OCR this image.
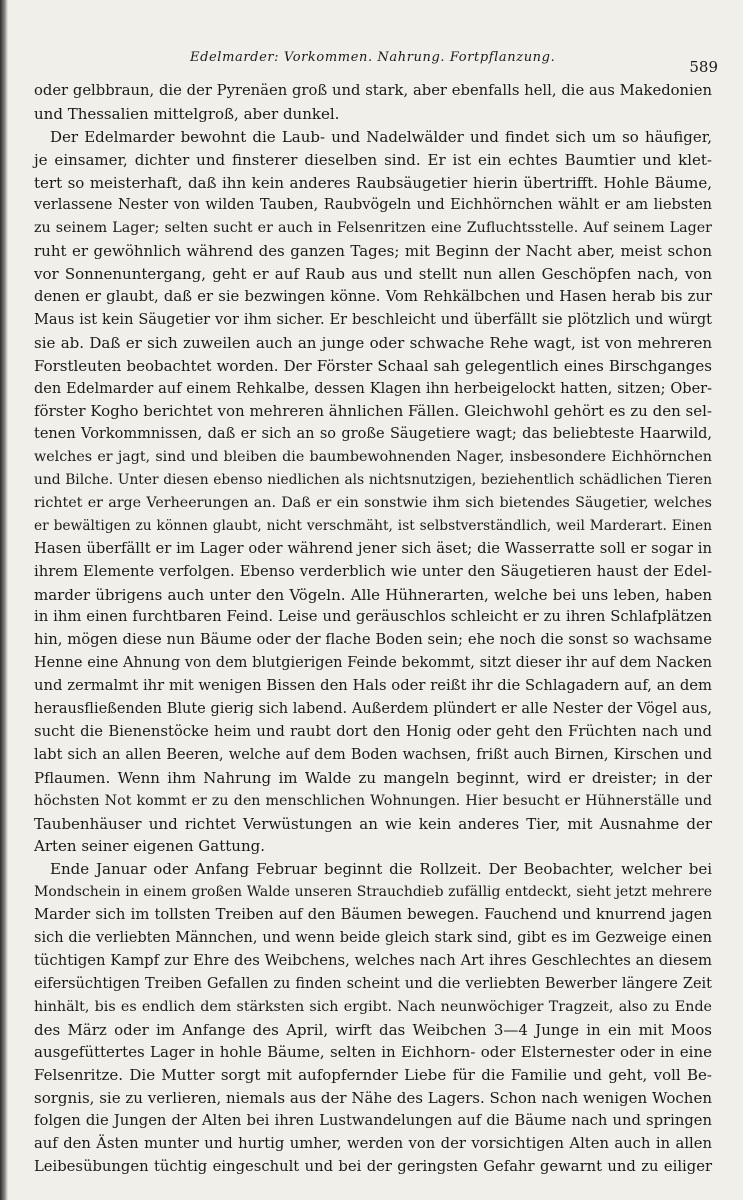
Edelmarder: Vorkommen. Nahrung. Fortpflanzung.
589
oder gelbbraun, die der Pyrenäen groß und stark, aber ebenfalls hell, die aus Makedonien
und Thessalien mittelgroß, aber dunkel.
Der Edelmarder bewohnt die Laub- und Nadelwälder und findet sich um so häufiger,
je einsamer, dichter und finsterer dieselben sind. Er ist ein echtes Baumtier und klet-
tert so meisterhaft, daß ihn kein anderes Raubsäugetier hierin übertrifft. Hohle Bäume,
verlassene Nester von wilden Tauben, Raubvögeln und Eichhörnchen wählt er am liebsten
zu seinem Lager; selten sucht er auch in Felsenritzen eine Zufluchtsstelle. Auf seinem Lager
ruht er gewöhnlich während des ganzen Tages; mit Beginn der Nacht aber, meist schon
vor Sonnenuntergang, geht er auf Raub aus und stellt nun allen Geschöpfen nach, von
denen er glaubt, daß er sie bezwingen könne. Vom Rehkälbchen und Hasen herab bis zur
Maus ist kein Säugetier vor ihm sicher. Er beschleicht und überfällt sie plötzlich und würgt
sie ab. Daß er sich zuweilen auch an junge oder schwache Rehe wagt, ist von mehreren
Forstleuten beobachtet worden. Der Förster Schaal sah gelegentlich eines Birschganges
den Edelmarder auf einem Rehkalbe, dessen Klagen ihn herbeigelockt hatten, sitzen; Ober-
förster Kogho berichtet von mehreren ähnlichen Fällen. Gleichwohl gehört es zu den sel-
tenen Vorkommnissen, daß er sich an so große Säugetiere wagt; das beliebteste Haarwild,
welches er jagt, sind und bleiben die baumbewohnenden Nager, insbesondere Eichhörnchen
und Bilche. Unter diesen ebenso niedlichen als nichtsnutzigen, beziehentlich schädlichen Tieren
richtet er arge Verheerungen an. Daß er ein sonstwie ihm sich bietendes Säugetier, welches
er bewältigen zu können glaubt, nicht verschmäht, ist selbstverständlich, weil Marderart. Einen
Hasen überfällt er im Lager oder während jener sich äset; die Wasserratte soll er sogar in
ihrem Elemente verfolgen. Ebenso verderblich wie unter den Säugetieren haust der Edel-
marder übrigens auch unter den Vögeln. Alle Hühnerarten, welche bei uns leben, haben
in ihm einen furchtbaren Feind. Leise und geräuschlos schleicht er zu ihren Schlafplätzen
hin, mögen diese nun Bäume oder der flache Boden sein; ehe noch die sonst so wachsame
Henne eine Ahnung von dem blutgierigen Feinde bekommt, sitzt dieser ihr auf dem Nacken
und zermalmt ihr mit wenigen Bissen den Hals oder reißt ihr die Schlagadern auf, an dem
herausfließenden Blute gierig sich labend. Außerdem plündert er alle Nester der Vögel aus,
sucht die Bienenstöcke heim und raubt dort den Honig oder geht den Früchten nach und
labt sich an allen Beeren, welche auf dem Boden wachsen, frißt auch Birnen, Kirschen und
Pflaumen. Wenn ihm Nahrung im Walde zu mangeln beginnt, wird er dreister; in der
höchsten Not kommt er zu den menschlichen Wohnungen. Hier besucht er Hühnerställe und
Taubenhäuser und richtet Verwüstungen an wie kein anderes Tier, mit Ausnahme der
Arten seiner eigenen Gattung.
Ende Januar oder Anfang Februar beginnt die Rollzeit. Der Beobachter, welcher bei
Mondschein in einem großen Walde unseren Strauchdieb zufällig entdeckt, sieht jetzt mehrere
Marder sich im tollsten Treiben auf den Bäumen bewegen. Fauchend und knurrend jagen
sich die verliebten Männchen, und wenn beide gleich stark sind, gibt es im Gezweige einen
tüchtigen Kampf zur Ehre des Weibchens, welches nach Art ihres Geschlechtes an diesem
eifersüchtigen Treiben Gefallen zu finden scheint und die verliebten Bewerber längere Zeit
hinhält, bis es endlich dem stärksten sich ergibt. Nach neunwöchiger Tragzeit, also zu Ende
des März oder im Anfange des April, wirft das Weibchen 3—4 Junge in ein mit Moos
ausgefüttertes Lager in hohle Bäume, selten in Eichhorn- oder Elsternester oder in eine
Felsenritze. Die Mutter sorgt mit aufopfernder Liebe für die Familie und geht, voll Be-
sorgnis, sie zu verlieren, niemals aus der Nähe des Lagers. Schon nach wenigen Wochen
folgen die Jungen der Alten bei ihren Lustwandelungen auf die Bäume nach und springen
auf den Ästen munter und hurtig umher, werden von der vorsichtigen Alten auch in allen
Leibesübungen tüchtig eingeschult und bei der geringsten Gefahr gewarnt und zu eiliger
